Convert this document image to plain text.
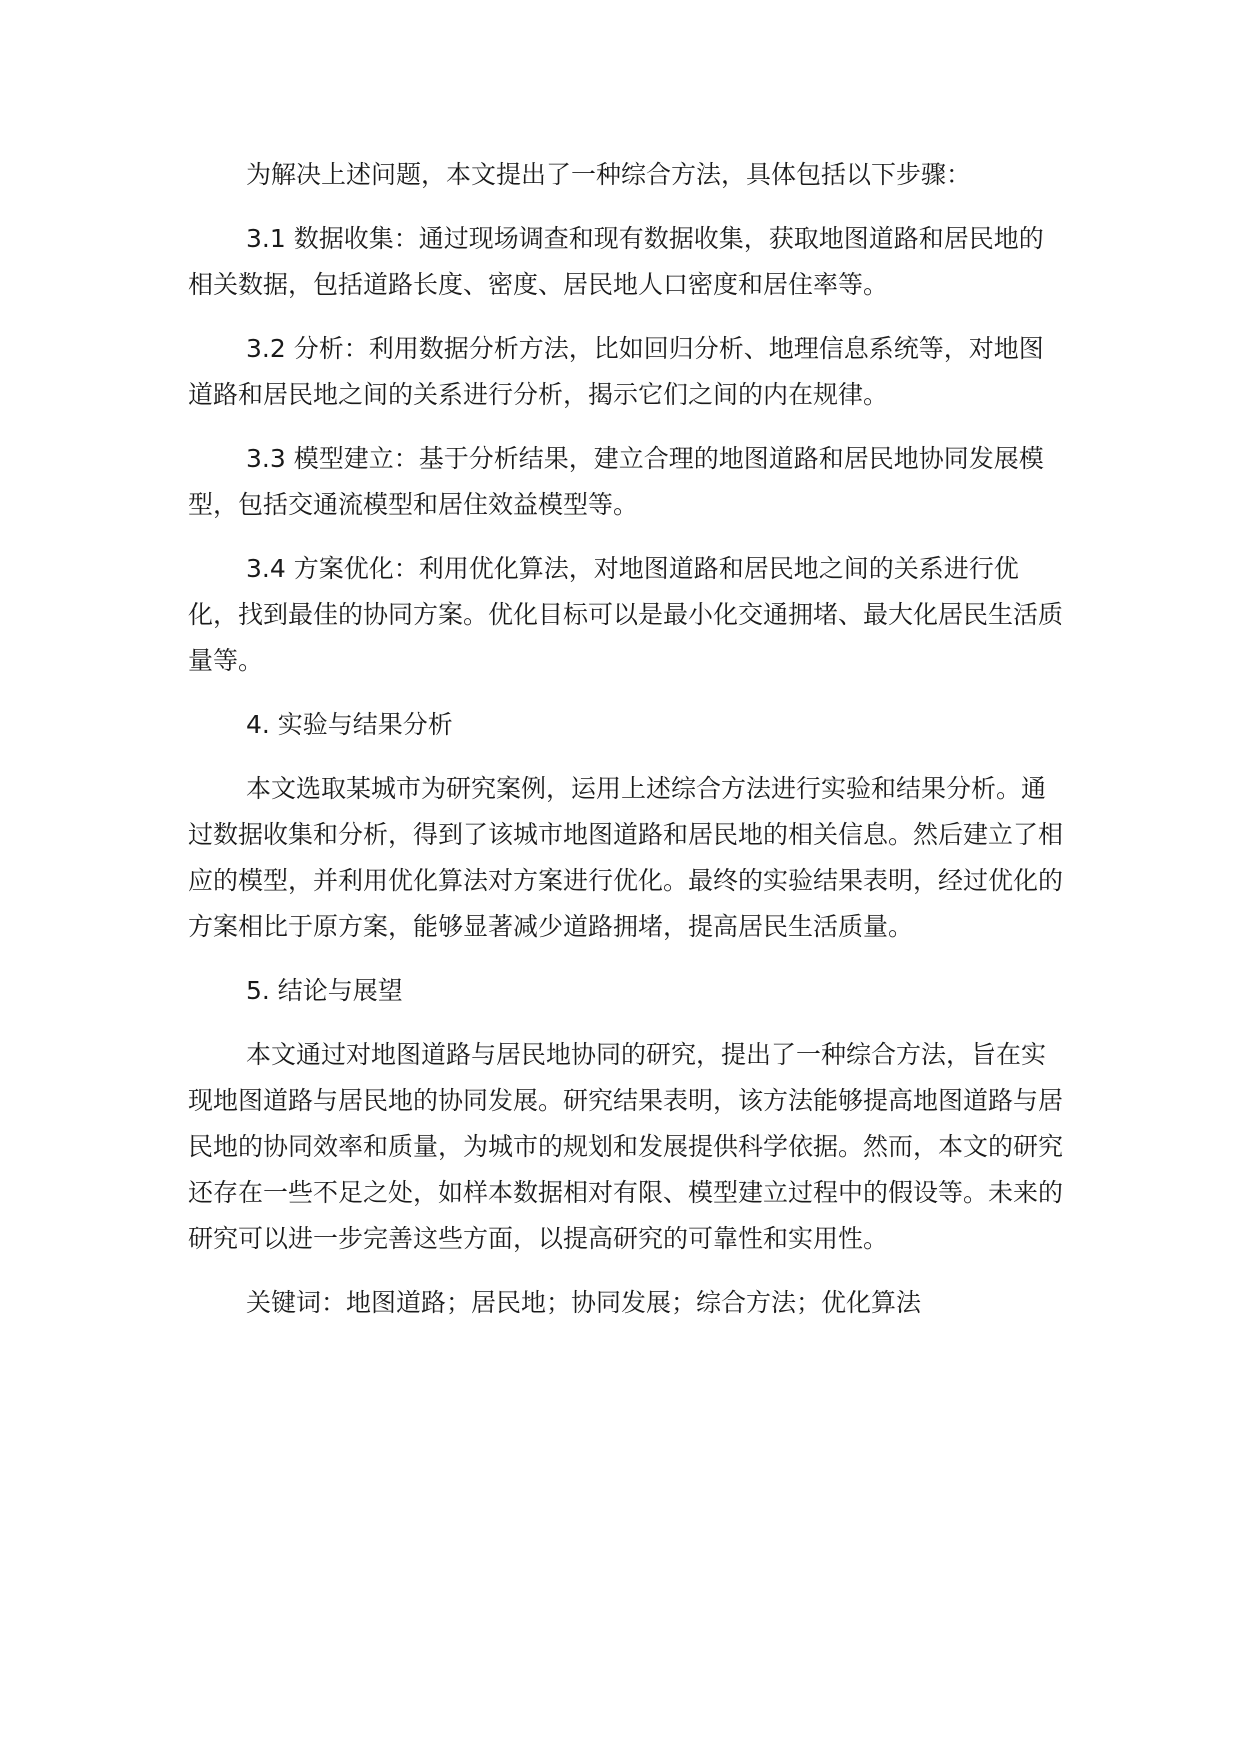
为解决上述问题，本文提出了一种综合方法，具体包括以下步骤：

3.1 数据收集：通过现场调查和现有数据收集，获取地图道路和居民地的相关数据，包括道路长度、密度、居民地人口密度和居住率等。

3.2 分析：利用数据分析方法，比如回归分析、地理信息系统等，对地图道路和居民地之间的关系进行分析，揭示它们之间的内在规律。

3.3 模型建立：基于分析结果，建立合理的地图道路和居民地协同发展模型，包括交通流模型和居住效益模型等。

3.4 方案优化：利用优化算法，对地图道路和居民地之间的关系进行优化，找到最佳的协同方案。优化目标可以是最小化交通拥堵、最大化居民生活质量等。

4. 实验与结果分析

本文选取某城市为研究案例，运用上述综合方法进行实验和结果分析。通过数据收集和分析，得到了该城市地图道路和居民地的相关信息。然后建立了相应的模型，并利用优化算法对方案进行优化。最终的实验结果表明，经过优化的方案相比于原方案，能够显著减少道路拥堵，提高居民生活质量。

5. 结论与展望

本文通过对地图道路与居民地协同的研究，提出了一种综合方法，旨在实现地图道路与居民地的协同发展。研究结果表明，该方法能够提高地图道路与居民地的协同效率和质量，为城市的规划和发展提供科学依据。然而，本文的研究还存在一些不足之处，如样本数据相对有限、模型建立过程中的假设等。未来的研究可以进一步完善这些方面，以提高研究的可靠性和实用性。

关键词：地图道路；居民地；协同发展；综合方法；优化算法
